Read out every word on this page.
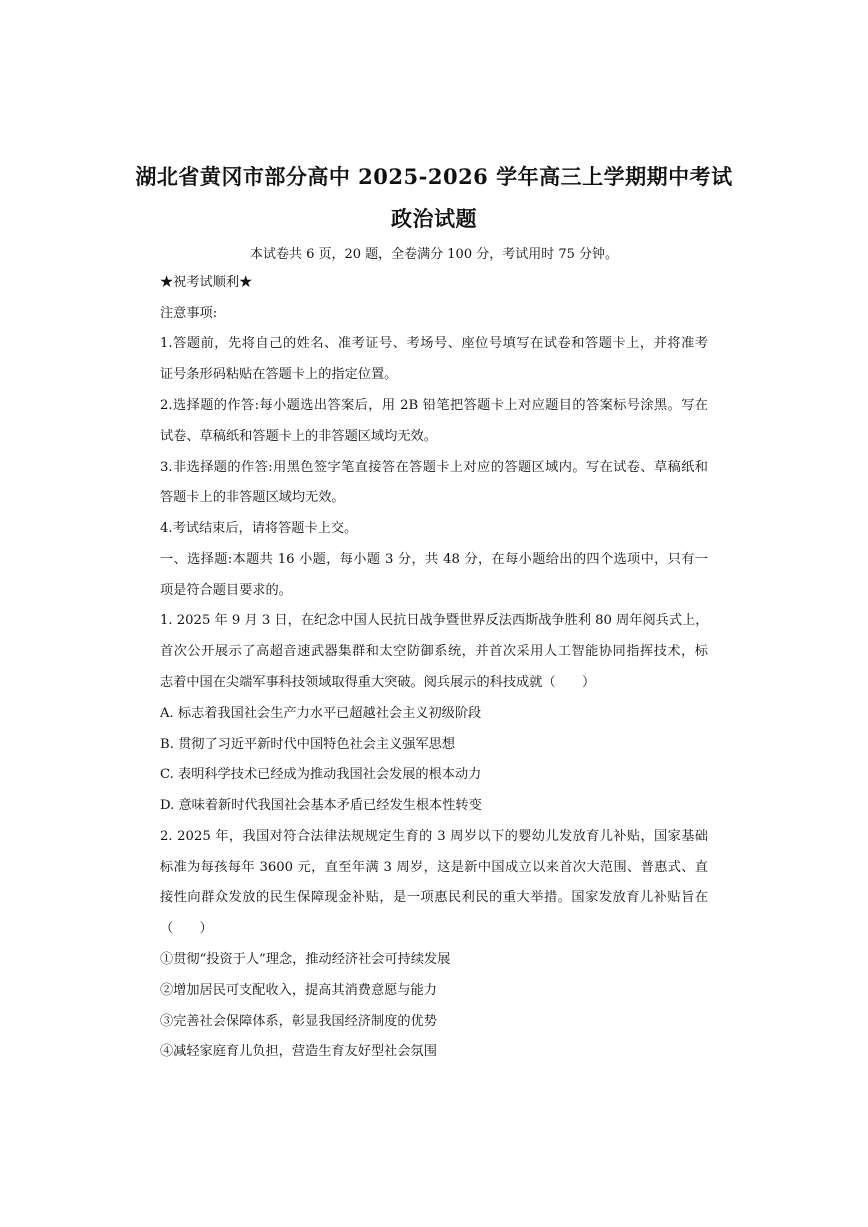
湖北省黄冈市部分高中 2025-2026 学年高三上学期期中考试
政治试题
本试卷共 6 页，20 题，全卷满分 100 分，考试用时 75 分钟。
★祝考试顺利★
注意事项:
1.答题前，先将自己的姓名、准考证号、考场号、座位号填写在试卷和答题卡上，并将准考
证号条形码粘贴在答题卡上的指定位置。
2.选择题的作答:每小题选出答案后，用 2B 铅笔把答题卡上对应题目的答案标号涂黑。写在
试卷、草稿纸和答题卡上的非答题区域均无效。
3.非选择题的作答:用黑色签字笔直接答在答题卡上对应的答题区域内。写在试卷、草稿纸和
答题卡上的非答题区域均无效。
4.考试结束后，请将答题卡上交。
一、选择题:本题共 16 小题，每小题 3 分，共 48 分，在每小题给出的四个选项中，只有一
项是符合题目要求的。
1. 2025 年 9 月 3 日，在纪念中国人民抗日战争暨世界反法西斯战争胜利 80 周年阅兵式上，
首次公开展示了高超音速武器集群和太空防御系统，并首次采用人工智能协同指挥技术，标
志着中国在尖端军事科技领域取得重大突破。阅兵展示的科技成就（　　）
A. 标志着我国社会生产力水平已超越社会主义初级阶段
B. 贯彻了习近平新时代中国特色社会主义强军思想
C. 表明科学技术已经成为推动我国社会发展的根本动力
D. 意味着新时代我国社会基本矛盾已经发生根本性转变
2. 2025 年，我国对符合法律法规规定生育的 3 周岁以下的婴幼儿发放育儿补贴，国家基础
标准为每孩每年 3600 元，直至年满 3 周岁，这是新中国成立以来首次大范围、普惠式、直
接性向群众发放的民生保障现金补贴，是一项惠民利民的重大举措。国家发放育儿补贴旨在
（　　）
①贯彻“投资于人”理念，推动经济社会可持续发展
②增加居民可支配收入，提高其消费意愿与能力
③完善社会保障体系，彰显我国经济制度的优势
④减轻家庭育儿负担，营造生育友好型社会氛围
